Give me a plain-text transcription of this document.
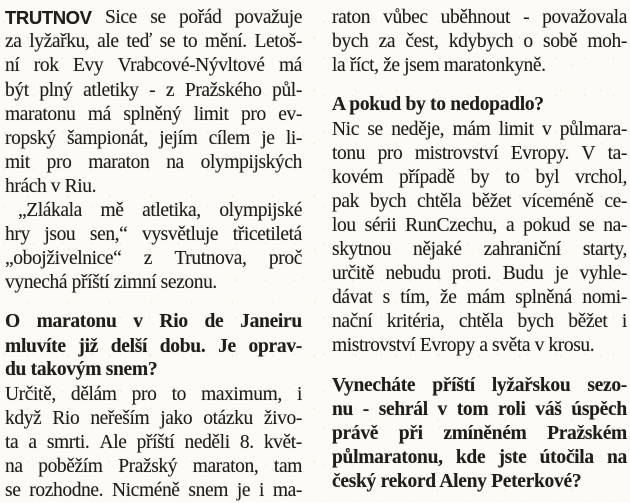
TRUTNOV Sice se pořád považuje
za lyžařku, ale teď se to mění. Letoš-
ní rok Evy Vrabcové-Nývltové má
být plný atletiky - z Pražského půl-
maratonu má splněný limit pro ev-
ropský šampionát, jejím cílem je li-
mit pro maraton na olympijských
hrách v Riu.
„Zlákala mě atletika, olympijské
hry jsou sen,“ vysvětluje třicetiletá
„obojživelnice“ z Trutnova, proč
vynechá příští zimní sezonu.
O maratonu v Rio de Janeiru
mluvíte již delší dobu. Je oprav-
du takovým snem?
Určitě, dělám pro to maximum, i
když Rio neřeším jako otázku živo-
ta a smrti. Ale příští neděli 8. květ-
na poběžím Pražský maraton, tam
se rozhodne. Nicméně snem je i ma-
raton vůbec uběhnout - považovala
bych za čest, kdybych o sobě moh-
la říct, že jsem maratonkyně.
A pokud by to nedopadlo?
Nic se neděje, mám limit v půlmara-
tonu pro mistrovství Evropy. V ta-
kovém případě by to byl vrchol,
pak bych chtěla běžet víceméně ce-
lou sérii RunCzechu, a pokud se na-
skytnou nějaké zahraniční starty,
určitě nebudu proti. Budu je vyhle-
dávat s tím, že mám splněná nomi-
nační kritéria, chtěla bych běžet i
mistrovství Evropy a světa v krosu.
Vynecháte příští lyžařskou sezo-
nu - sehrál v tom roli váš úspěch
právě při zmíněném Pražském
půlmaratonu, kde jste útočila na
český rekord Aleny Peterkové?
